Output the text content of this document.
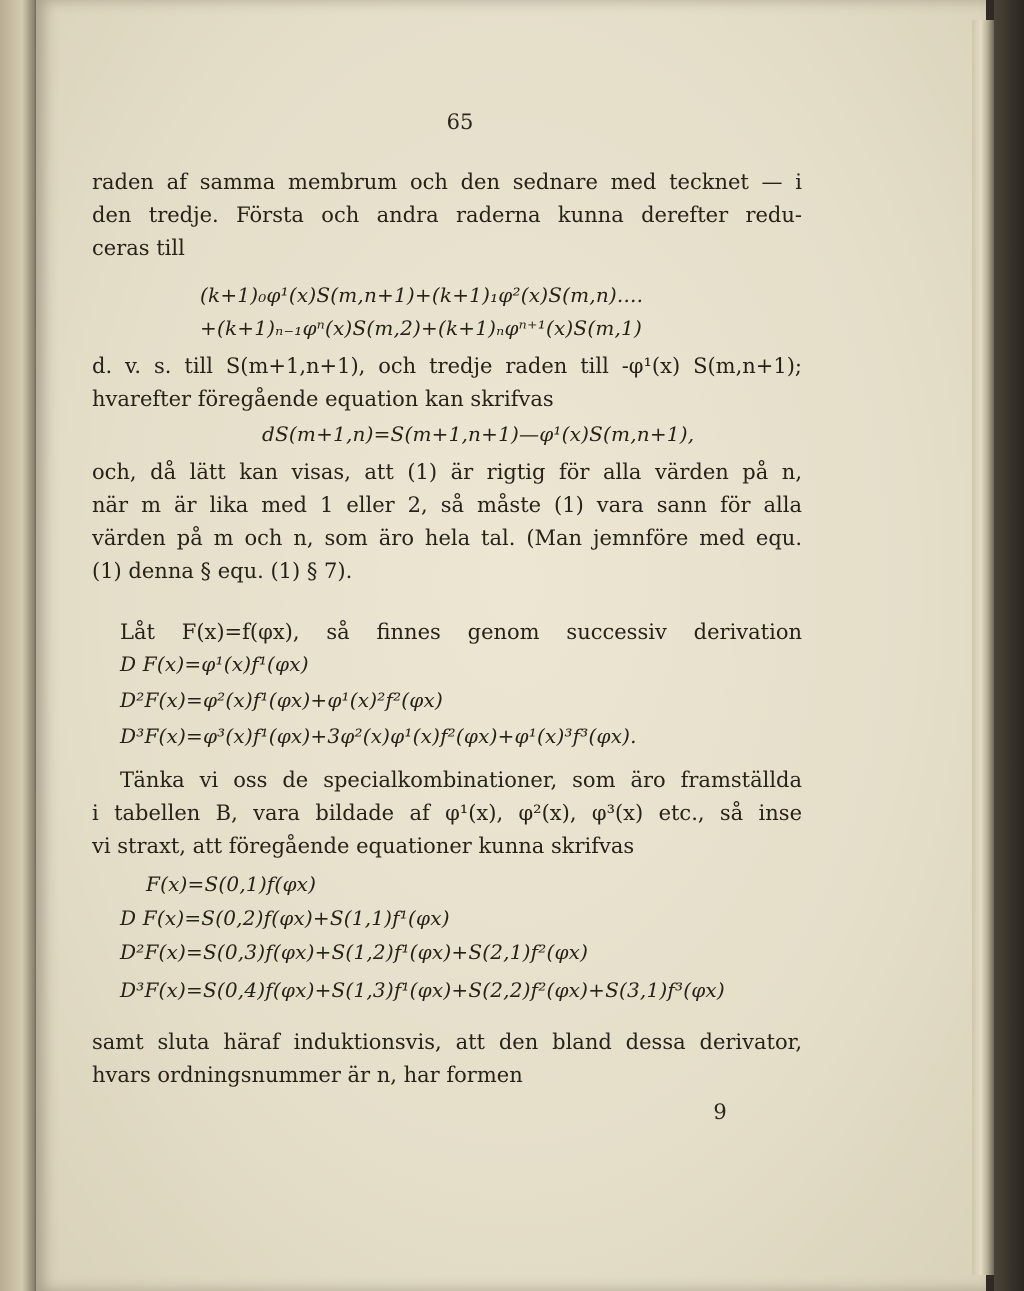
65
raden af samma membrum och den sednare med tecknet — i
den tredje. Första och andra raderna kunna derefter redu-
ceras till
(k+1)₀φ¹(x)S(m,n+1)+(k+1)₁φ²(x)S(m,n)....
+(k+1)ₙ₋₁φⁿ(x)S(m,2)+(k+1)ₙφⁿ⁺¹(x)S(m,1)
d. v. s. till S(m+1,n+1), och tredje raden till -φ¹(x) S(m,n+1);
hvarefter föregående equation kan skrifvas
dS(m+1,n)=S(m+1,n+1)—φ¹(x)S(m,n+1),
och, då lätt kan visas, att (1) är rigtig för alla värden på n,
när m är lika med 1 eller 2, så måste (1) vara sann för alla
värden på m och n, som äro hela tal. (Man jemnföre med equ.
(1) denna § equ. (1) § 7).
Låt F(x)=f(φx), så finnes genom successiv derivation
D F(x)=φ¹(x)f¹(φx)
D²F(x)=φ²(x)f¹(φx)+φ¹(x)²f²(φx)
D³F(x)=φ³(x)f¹(φx)+3φ²(x)φ¹(x)f²(φx)+φ¹(x)³f³(φx).
Tänka vi oss de specialkombinationer, som äro framställda
i tabellen B, vara bildade af φ¹(x), φ²(x), φ³(x) etc., så inse
vi straxt, att föregående equationer kunna skrifvas
F(x)=S(0,1)f(φx)
D F(x)=S(0,2)f(φx)+S(1,1)f¹(φx)
D²F(x)=S(0,3)f(φx)+S(1,2)f¹(φx)+S(2,1)f²(φx)
D³F(x)=S(0,4)f(φx)+S(1,3)f¹(φx)+S(2,2)f²(φx)+S(3,1)f³(φx)
samt sluta häraf induktionsvis, att den bland dessa derivator,
hvars ordningsnummer är n, har formen
9
